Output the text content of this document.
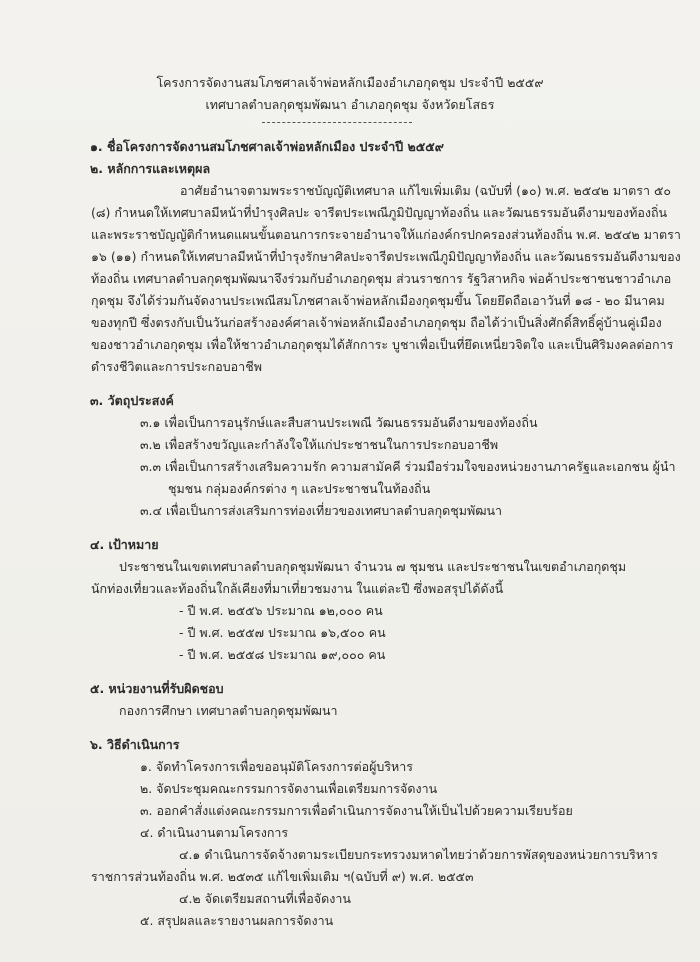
โครงการจัดงานสมโภชศาลเจ้าพ่อหลักเมืองอำเภอกุดชุม ประจำปี ๒๕๕๙
เทศบาลตำบลกุดชุมพัฒนา อำเภอกุดชุม จังหวัดยโสธร
๑. ชื่อโครงการจัดงานสมโภชศาลเจ้าพ่อหลักเมือง ประจำปี ๒๕๕๙
๒. หลักการและเหตุผล
อาศัยอำนาจตามพระราชบัญญัติเทศบาล แก้ไขเพิ่มเติม (ฉบับที่ (๑๐) พ.ศ. ๒๕๔๒ มาตรา ๕๐
(๘) กำหนดให้เทศบาลมีหน้าที่บำรุงศิลปะ จารีตประเพณีภูมิปัญญาท้องถิ่น และวัฒนธรรมอันดีงามของท้องถิ่น
และพระราชบัญญัติกำหนดแผนขั้นตอนการกระจายอำนาจให้แก่องค์กรปกครองส่วนท้องถิ่น พ.ศ. ๒๕๔๒ มาตรา
๑๖ (๑๑) กำหนดให้เทศบาลมีหน้าที่บำรุงรักษาศิลปะจารีตประเพณีภูมิปัญญาท้องถิ่น และวัฒนธรรมอันดีงามของ
ท้องถิ่น เทศบาลตำบลกุดชุมพัฒนาจึงร่วมกับอำเภอกุดชุม ส่วนราชการ รัฐวิสาหกิจ พ่อค้าประชาชนชาวอำเภอ
กุดชุม จึงได้ร่วมกันจัดงานประเพณีสมโภชศาลเจ้าพ่อหลักเมืองกุดชุมขึ้น โดยยึดถือเอาวันที่ ๑๘ - ๒๐ มีนาคม
ของทุกปี ซึ่งตรงกับเป็นวันก่อสร้างองค์ศาลเจ้าพ่อหลักเมืองอำเภอกุดชุม ถือได้ว่าเป็นสิ่งศักดิ์สิทธิ์คู่บ้านคู่เมือง
ของชาวอำเภอกุดชุม เพื่อให้ชาวอำเภอกุดชุมได้สักการะ บูชาเพื่อเป็นที่ยึดเหนี่ยวจิตใจ และเป็นศิริมงคลต่อการ
ดำรงชีวิตและการประกอบอาชีพ
๓. วัตถุประสงค์
๓.๑ เพื่อเป็นการอนุรักษ์และสืบสานประเพณี วัฒนธรรมอันดีงามของท้องถิ่น
๓.๒ เพื่อสร้างขวัญและกำลังใจให้แก่ประชาชนในการประกอบอาชีพ
๓.๓ เพื่อเป็นการสร้างเสริมความรัก ความสามัคคี ร่วมมือร่วมใจของหน่วยงานภาครัฐและเอกชน ผู้นำ
ชุมชน กลุ่มองค์กรต่าง ๆ และประชาชนในท้องถิ่น
๓.๔ เพื่อเป็นการส่งเสริมการท่องเที่ยวของเทศบาลตำบลกุดชุมพัฒนา
๔. เป้าหมาย
ประชาชนในเขตเทศบาลตำบลกุดชุมพัฒนา จำนวน ๗ ชุมชน และประชาชนในเขตอำเภอกุดชุม
นักท่องเที่ยวและท้องถิ่นใกล้เคียงที่มาเที่ยวชมงาน ในแต่ละปี ซึ่งพอสรุปได้ดังนี้
- ปี พ.ศ. ๒๕๕๖ ประมาณ ๑๒,๐๐๐ คน
- ปี พ.ศ. ๒๕๕๗ ประมาณ ๑๖,๕๐๐ คน
- ปี พ.ศ. ๒๕๕๘ ประมาณ ๑๙,๐๐๐ คน
๕. หน่วยงานที่รับผิดชอบ
กองการศึกษา เทศบาลตำบลกุดชุมพัฒนา
๖. วิธีดำเนินการ
๑. จัดทำโครงการเพื่อขออนุมัติโครงการต่อผู้บริหาร
๒. จัดประชุมคณะกรรมการจัดงานเพื่อเตรียมการจัดงาน
๓. ออกคำสั่งแต่งคณะกรรมการเพื่อดำเนินการจัดงานให้เป็นไปด้วยความเรียบร้อย
๔. ดำเนินงานตามโครงการ
๔.๑ ดำเนินการจัดจ้างตามระเบียบกระทรวงมหาดไทยว่าด้วยการพัสดุของหน่วยการบริหาร
ราชการส่วนท้องถิ่น พ.ศ. ๒๕๓๕ แก้ไขเพิ่มเติม ฯ(ฉบับที่ ๙) พ.ศ. ๒๕๕๓
๔.๒ จัดเตรียมสถานที่เพื่อจัดงาน
๕. สรุปผลและรายงานผลการจัดงาน
